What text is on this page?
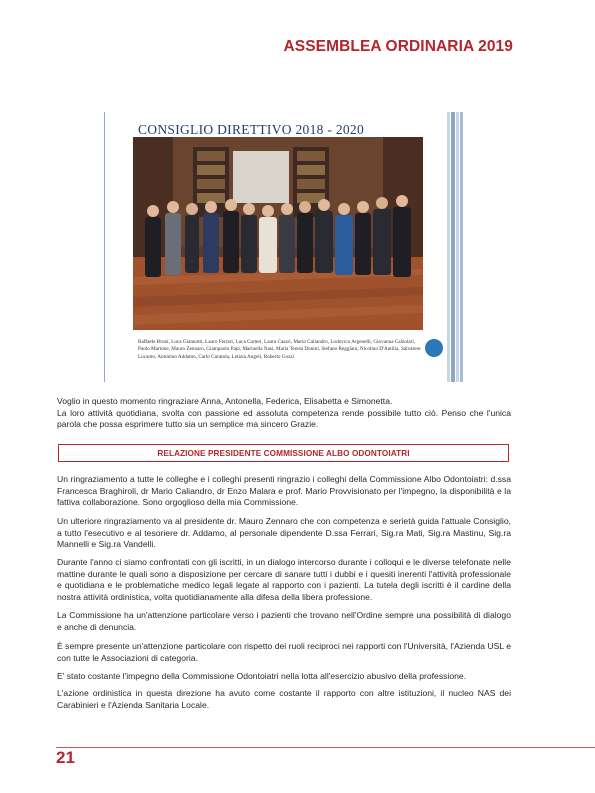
ASSEMBLEA ORDINARIA 2019
CONSIGLIO DIRETTIVO 2018 - 2020
Raffaele Bruni, Luca Giannotti, Lauro Ferrari, Luca Carteri, Laura Casari, Mario Caliandro, Lodovico Argenelli, Giovanna Calzolari, Paolo Martone, Mauro Zennaro, Giampaolo Papi, Marinella Nasi, Maria Teresa Donini, Stefano Reggiani, Nicolino D'Autilia, Salvatore Lucanto, Antonino Addamo, Carlo Curatola, Letizia Angeli, Roberto Gozzi
Voglio in questo momento ringraziare Anna, Antonella, Federica, Elisabetta e Simonetta.
La loro attività quotidiana, svolta con passione ed assoluta competenza rende possibile tutto ciò. Penso che l'unica parola che possa esprimere tutto sia un semplice ma sincero Grazie.
RELAZIONE PRESIDENTE COMMISSIONE ALBO ODONTOIATRI
Un ringraziamento a tutte le colleghe e i colleghi presenti ringrazio i colleghi della Commissione Albo Odontoiatri: d.ssa Francesca Braghiroli, dr Mario Caliandro, dr Enzo Malara e prof. Mario Provvisionato per l'impegno, la disponibilità e la fattiva collaborazione. Sono orgoglioso della mia Commissione.
Un ulteriore ringraziamento va al presidente dr. Mauro Zennaro che con competenza e serietà guida l'attuale Consiglio, a tutto l'esecutivo e al tesoriere dr. Addamo, al personale dipendente D.ssa Ferrari, Sig.ra Mati, Sig.ra Mastinu, Sig.ra Mannelli e Sig.ra Vandelli.
Durante l'anno ci siamo confrontati con gli iscritti, in un dialogo intercorso durante i colloqui e le diverse telefonate nelle mattine durante le quali sono a disposizione per cercare di sanare tutti i dubbi e i quesiti inerenti l'attività professionale e quotidiana e le problematiche medico legali legate al rapporto con i pazienti. La tutela degli iscritti è il cardine della nostra attività ordinistica, volta quotidianamente alla difesa della libera professione.
La Commissione ha un'attenzione particolare verso i pazienti che trovano nell'Ordine sempre una possibilità di dialogo e anche di denuncia.
È sempre presente un'attenzione particolare con rispetto dei ruoli reciproci nei rapporti con l'Università, l'Azienda USL e con tutte le Associazioni di categoria.
E' stato costante l'impegno della Commissione Odontoiatri nella lotta all'esercizio abusivo della professione.
L'azione ordinistica in questa direzione ha avuto come costante il rapporto con altre istituzioni, il nucleo NAS dei Carabinieri e l'Azienda Sanitaria Locale.
21
